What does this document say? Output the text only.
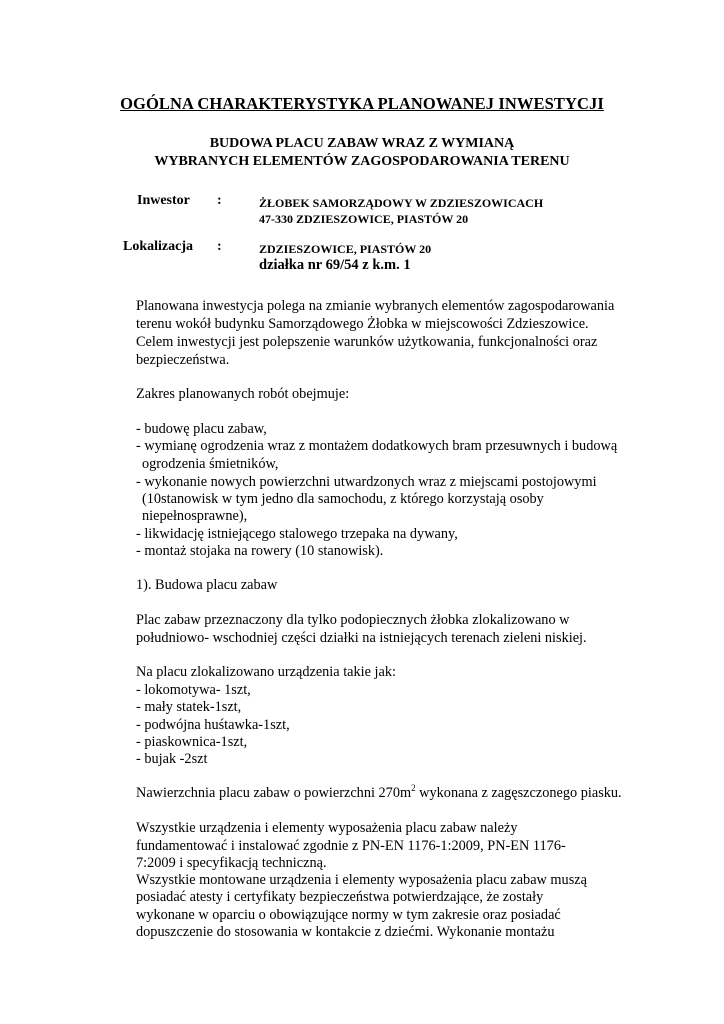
OGÓLNA CHARAKTERYSTYKA PLANOWANEJ INWESTYCJI
BUDOWA PLACU ZABAW WRAZ Z WYMIANĄ
WYBRANYCH ELEMENTÓW ZAGOSPODAROWANIA TERENU
Inwestor :	ŻŁOBEK SAMORZĄDOWY W ZDZIESZOWICACH
47-330 ZDZIESZOWICE, PIASTÓW 20
Lokalizacja :	ZDZIESZOWICE, PIASTÓW 20
działka nr 69/54 z k.m. 1
Planowana inwestycja polega na zmianie wybranych elementów zagospodarowania
terenu wokół budynku Samorządowego Żłobka w miejscowości Zdzieszowice.
Celem inwestycji jest polepszenie warunków użytkowania, funkcjonalności oraz
bezpieczeństwa.
Zakres planowanych robót obejmuje:
- budowę placu zabaw,
- wymianę ogrodzenia wraz z montażem dodatkowych bram przesuwnych i budową
ogrodzenia śmietników,
- wykonanie nowych powierzchni utwardzonych wraz z miejscami postojowymi
(10stanowisk w tym jedno dla samochodu, z którego korzystają osoby
niepełnosprawne),
- likwidację istniejącego stalowego trzepaka na dywany,
- montaż stojaka na rowery (10 stanowisk).
1). Budowa placu zabaw
Plac zabaw przeznaczony dla tylko podopiecznych żłobka zlokalizowano w
południowo- wschodniej części działki na istniejących terenach zieleni niskiej.
Na placu zlokalizowano urządzenia takie jak:
- lokomotywa- 1szt,
- mały statek-1szt,
- podwójna huśtawka-1szt,
- piaskownica-1szt,
- bujak -2szt
Nawierzchnia placu zabaw o powierzchni $270m^2$ wykonana z zagęszczonego piasku.
Wszystkie urządzenia i elementy wyposażenia placu zabaw należy
fundamentować i instalować zgodnie z PN-EN 1176-1:2009, PN-EN 1176-
7:2009 i specyfikacją techniczną.
Wszystkie montowane urządzenia i elementy wyposażenia placu zabaw muszą
posiadać atesty i certyfikaty bezpieczeństwa potwierdzające, że zostały
wykonane w oparciu o obowiązujące normy w tym zakresie oraz posiadać
dopuszczenie do stosowania w kontakcie z dziećmi. Wykonanie montażu
